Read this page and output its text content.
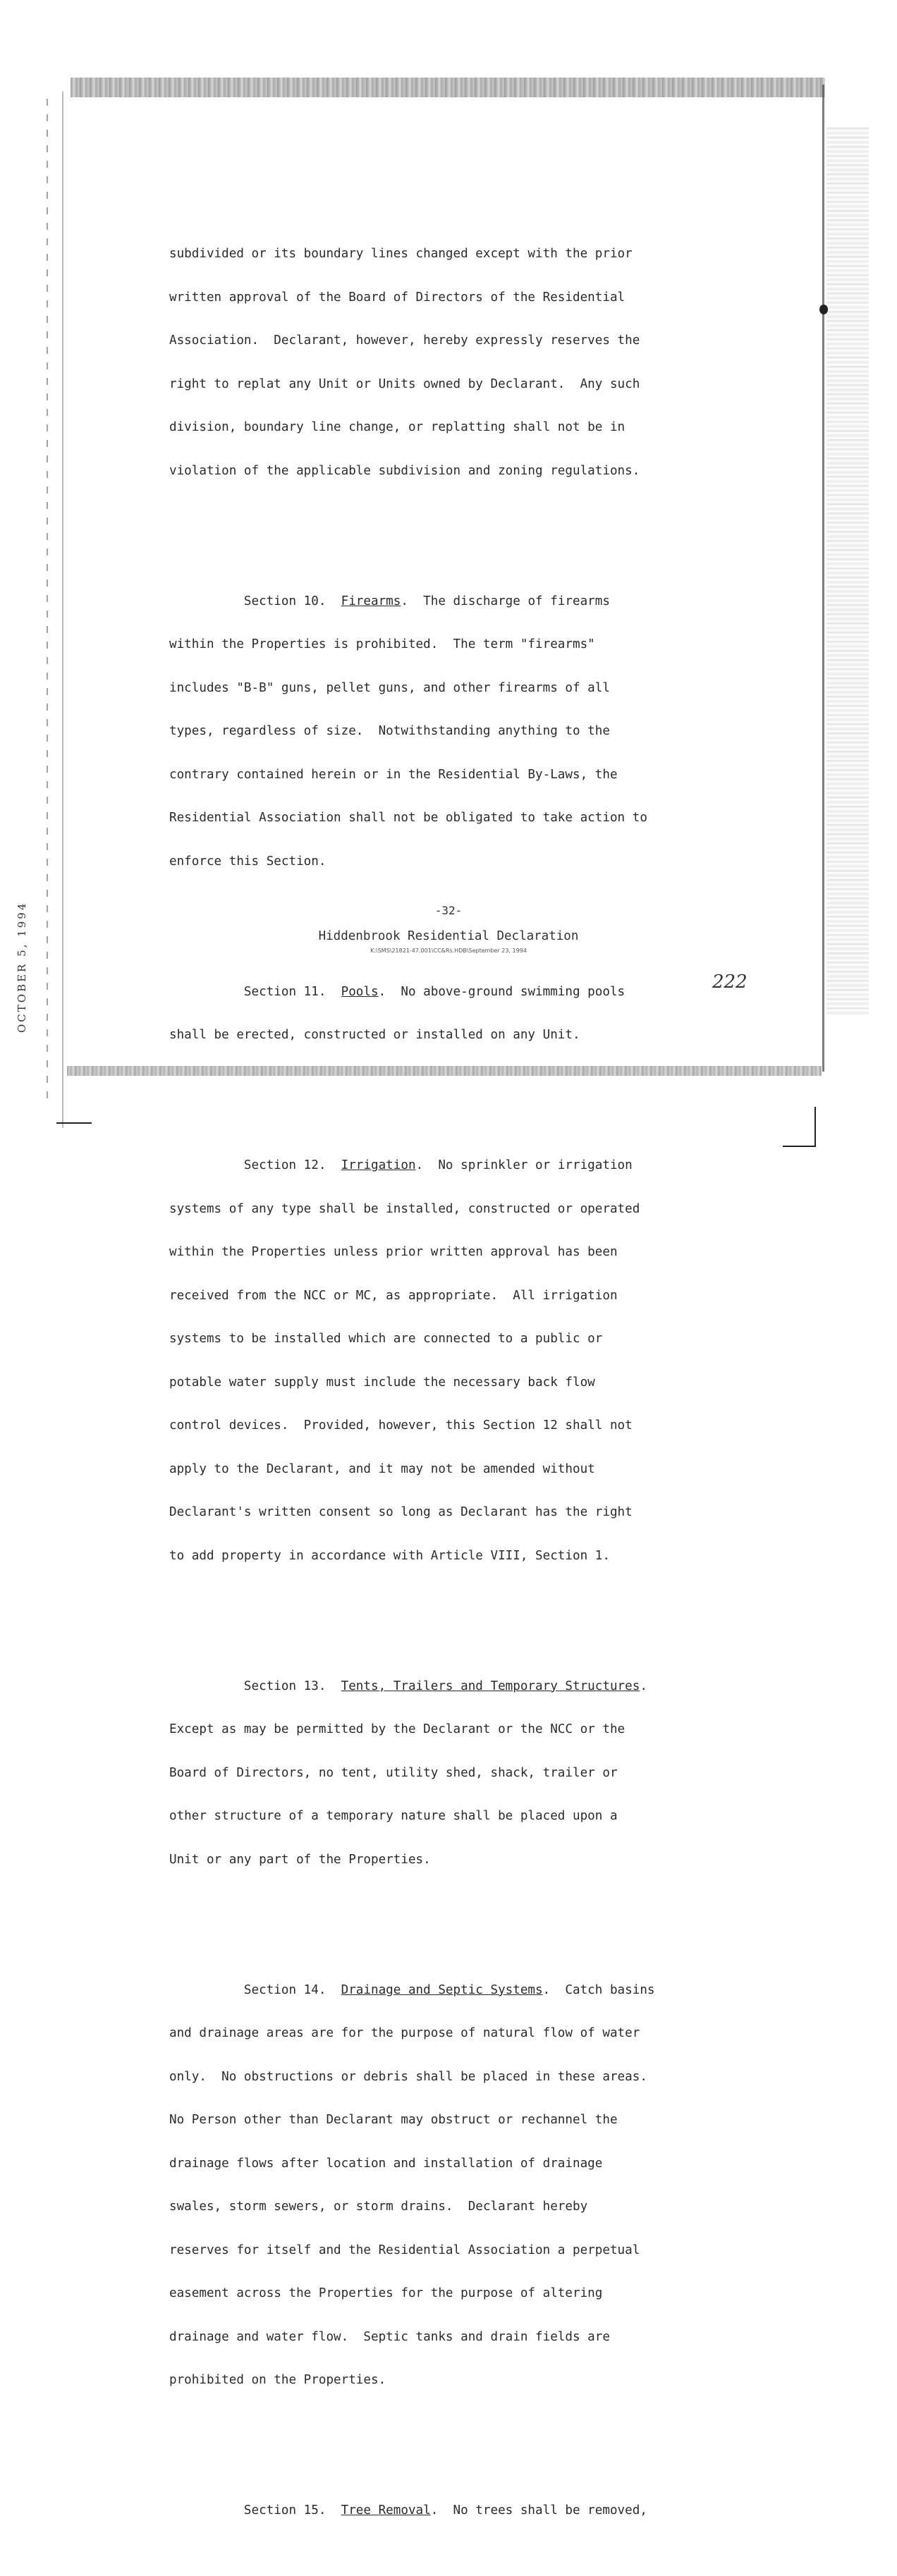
OCTOBER 5, 1994

subdivided or its boundary lines changed except with the prior

written approval of the Board of Directors of the Residential

Association.  Declarant, however, hereby expressly reserves the

right to replat any Unit or Units owned by Declarant.  Any such

division, boundary line change, or replatting shall not be in

violation of the applicable subdivision and zoning regulations.

Section 10.  Firearms.  The discharge of firearms

within the Properties is prohibited.  The term "firearms"

includes "B-B" guns, pellet guns, and other firearms of all

types, regardless of size.  Notwithstanding anything to the

contrary contained herein or in the Residential By-Laws, the

Residential Association shall not be obligated to take action to

enforce this Section.

Section 11.  Pools.  No above-ground swimming pools

shall be erected, constructed or installed on any Unit.

Section 12.  Irrigation.  No sprinkler or irrigation

systems of any type shall be installed, constructed or operated

within the Properties unless prior written approval has been

received from the NCC or MC, as appropriate.  All irrigation

systems to be installed which are connected to a public or

potable water supply must include the necessary back flow

control devices.  Provided, however, this Section 12 shall not

apply to the Declarant, and it may not be amended without

Declarant's written consent so long as Declarant has the right

to add property in accordance with Article VIII, Section 1.

Section 13.  Tents, Trailers and Temporary Structures.

Except as may be permitted by the Declarant or the NCC or the

Board of Directors, no tent, utility shed, shack, trailer or

other structure of a temporary nature shall be placed upon a

Unit or any part of the Properties.

Section 14.  Drainage and Septic Systems.  Catch basins

and drainage areas are for the purpose of natural flow of water

only.  No obstructions or debris shall be placed in these areas.

No Person other than Declarant may obstruct or rechannel the

drainage flows after location and installation of drainage

swales, storm sewers, or storm drains.  Declarant hereby

reserves for itself and the Residential Association a perpetual

easement across the Properties for the purpose of altering

drainage and water flow.  Septic tanks and drain fields are

prohibited on the Properties.

Section 15.  Tree Removal.  No trees shall be removed,

-32-
Hiddenbrook Residential Declaration
K:\SMS\21821-47.001\CC&Rs.HDB\September 23, 1994
222
